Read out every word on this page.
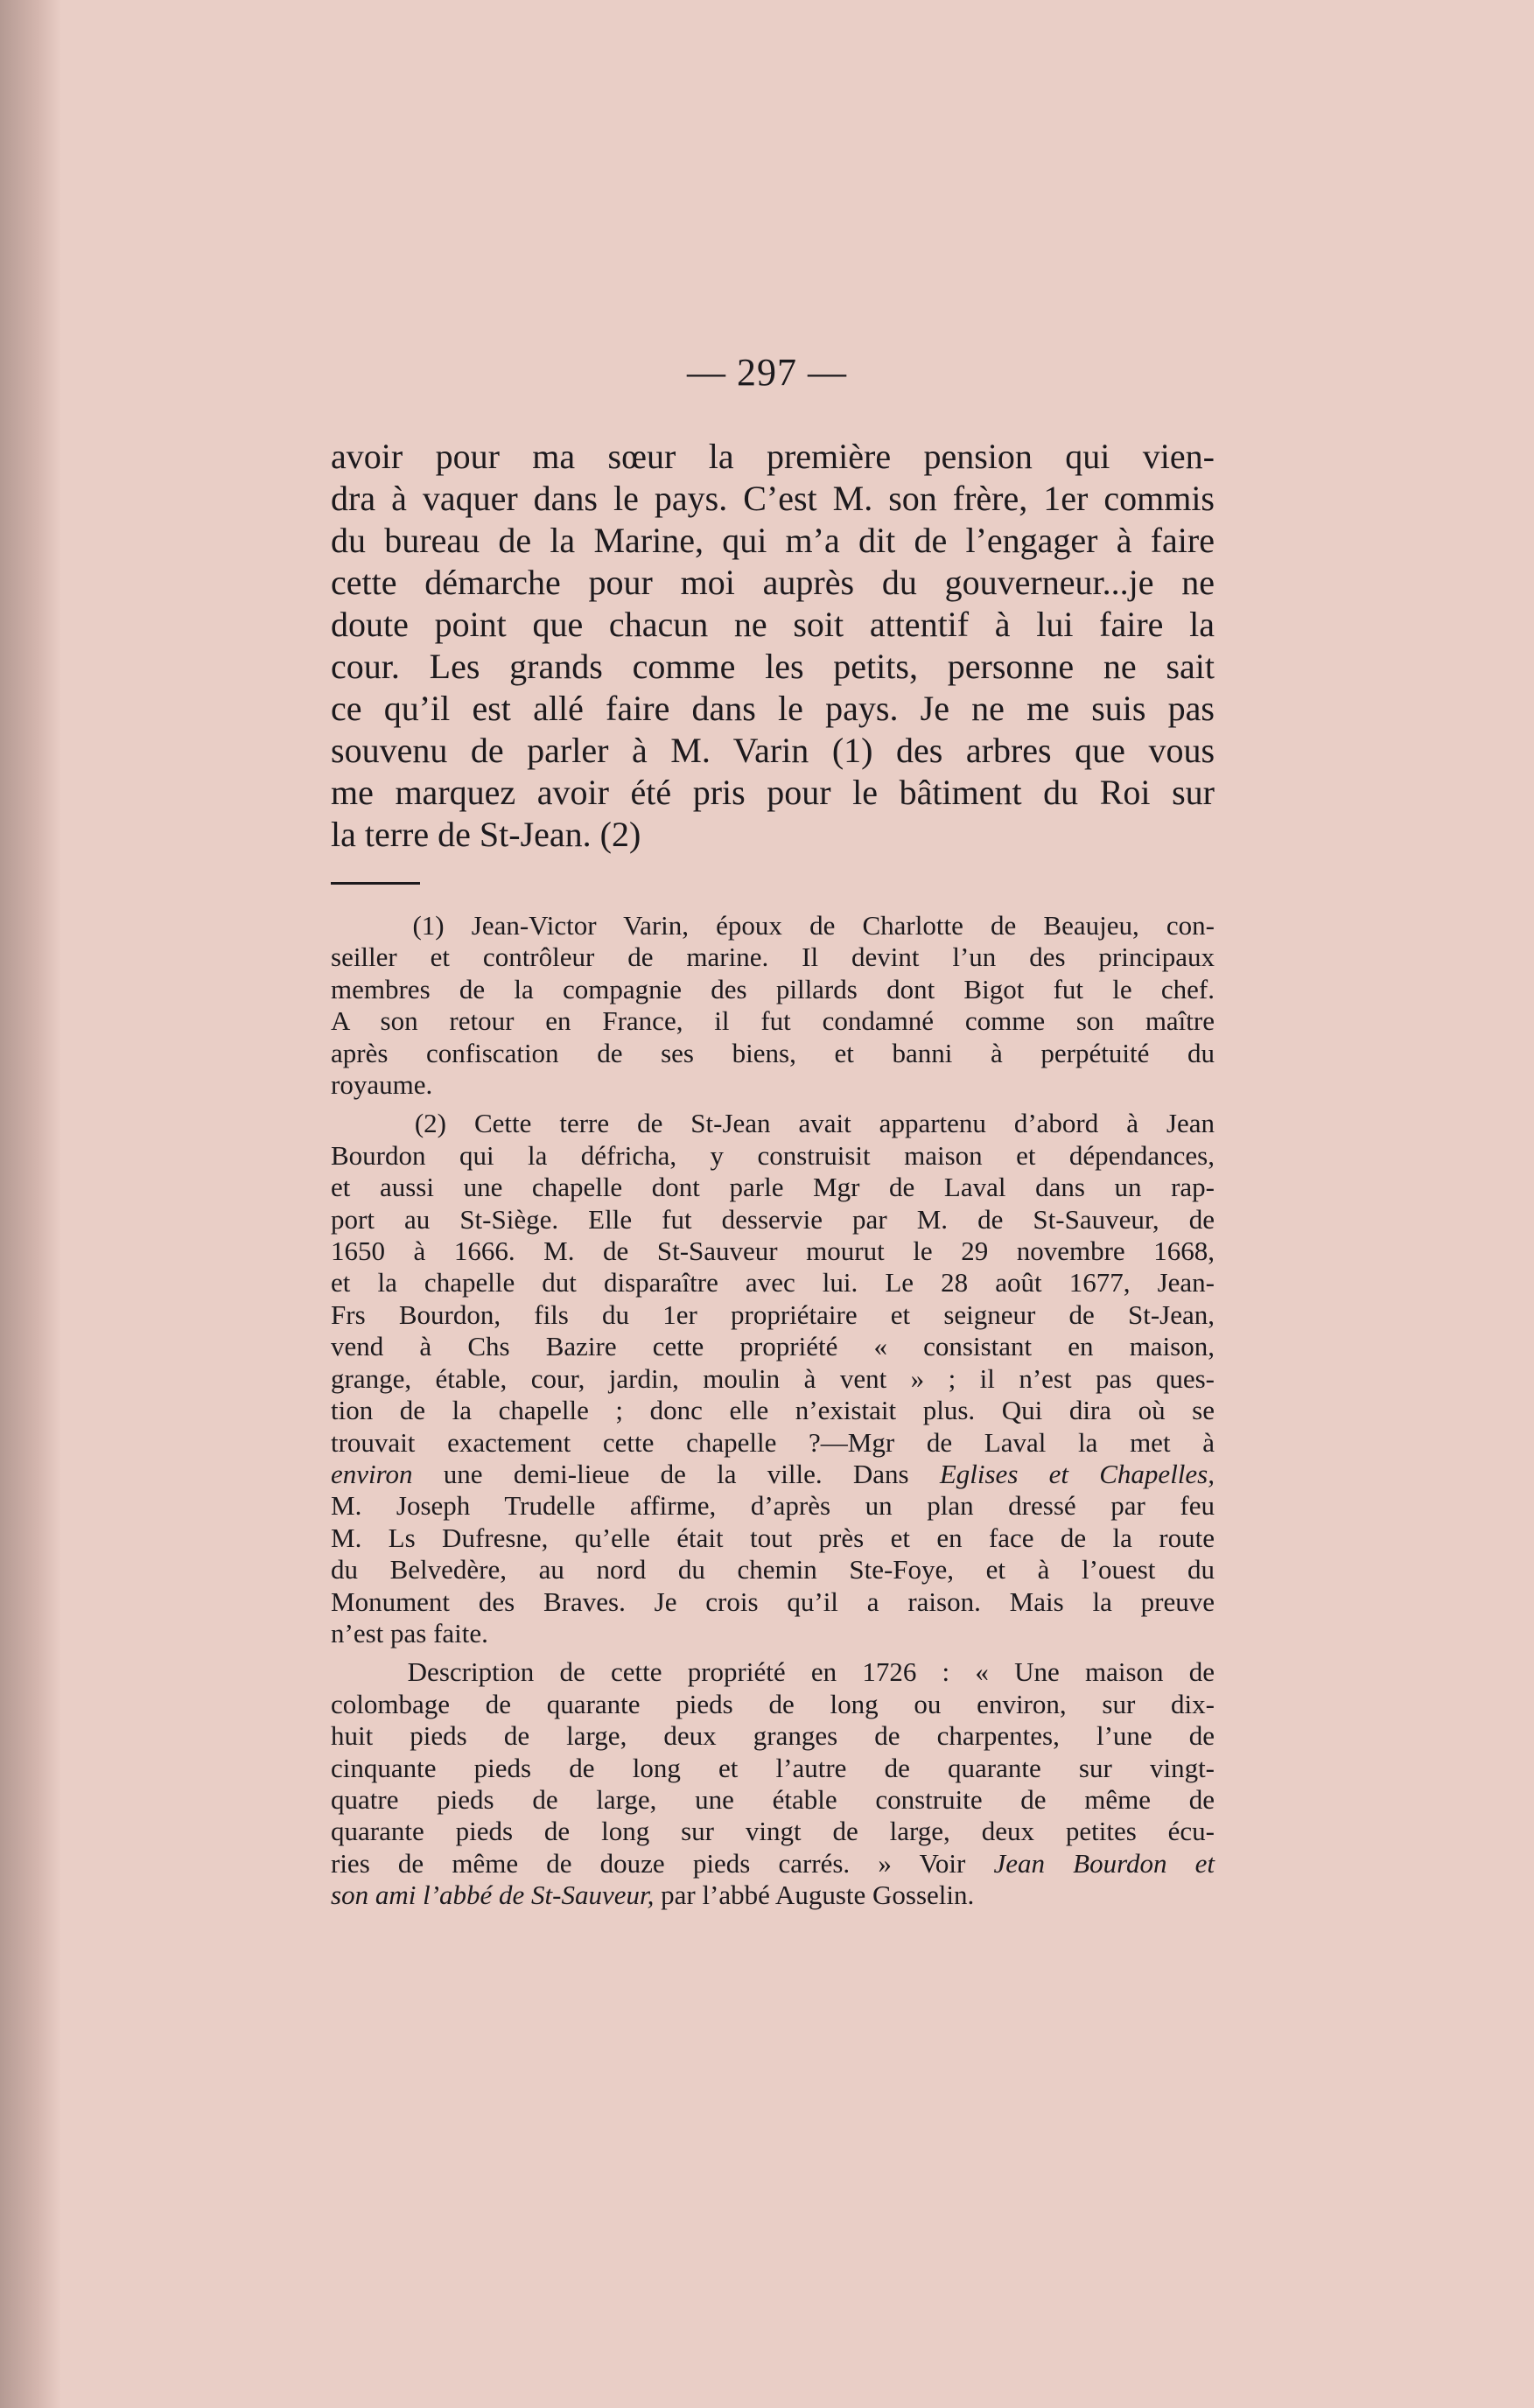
— 297 —
avoir pour ma sœur la première pension qui vien-
dra à vaquer dans le pays. C’est M. son frère, 1er commis
du bureau de la Marine, qui m’a dit de l’engager à faire
cette démarche pour moi auprès du gouverneur...je ne
doute point que chacun ne soit attentif à lui faire la
cour. Les grands comme les petits, personne ne sait
ce qu’il est allé faire dans le pays. Je ne me suis pas
souvenu de parler à M. Varin (1) des arbres que vous
me marquez avoir été pris pour le bâtiment du Roi sur
la terre de St-Jean. (2)
(1) Jean-Victor Varin, époux de Charlotte de Beaujeu, con-
seiller et contrôleur de marine. Il devint l’un des principaux
membres de la compagnie des pillards dont Bigot fut le chef.
A son retour en France, il fut condamné comme son maître
après confiscation de ses biens, et banni à perpétuité du
royaume.
(2) Cette terre de St-Jean avait appartenu d’abord à Jean
Bourdon qui la défricha, y construisit maison et dépendances,
et aussi une chapelle dont parle Mgr de Laval dans un rap-
port au St-Siège. Elle fut desservie par M. de St-Sauveur, de
1650 à 1666. M. de St-Sauveur mourut le 29 novembre 1668,
et la chapelle dut disparaître avec lui. Le 28 août 1677, Jean-
Frs Bourdon, fils du 1er propriétaire et seigneur de St-Jean,
vend à Chs Bazire cette propriété « consistant en maison,
grange, étable, cour, jardin, moulin à vent » ; il n’est pas ques-
tion de la chapelle ; donc elle n’existait plus. Qui dira où se
trouvait exactement cette chapelle ?—Mgr de Laval la met à
environ une demi-lieue de la ville. Dans Eglises et Chapelles,
M. Joseph Trudelle affirme, d’après un plan dressé par feu
M. Ls Dufresne, qu’elle était tout près et en face de la route
du Belvedère, au nord du chemin Ste-Foye, et à l’ouest du
Monument des Braves. Je crois qu’il a raison. Mais la preuve
n’est pas faite.
Description de cette propriété en 1726 : « Une maison de
colombage de quarante pieds de long ou environ, sur dix-
huit pieds de large, deux granges de charpentes, l’une de
cinquante pieds de long et l’autre de quarante sur vingt-
quatre pieds de large, une étable construite de même de
quarante pieds de long sur vingt de large, deux petites écu-
ries de même de douze pieds carrés. » Voir Jean Bourdon et
son ami l’abbé de St-Sauveur, par l’abbé Auguste Gosselin.
